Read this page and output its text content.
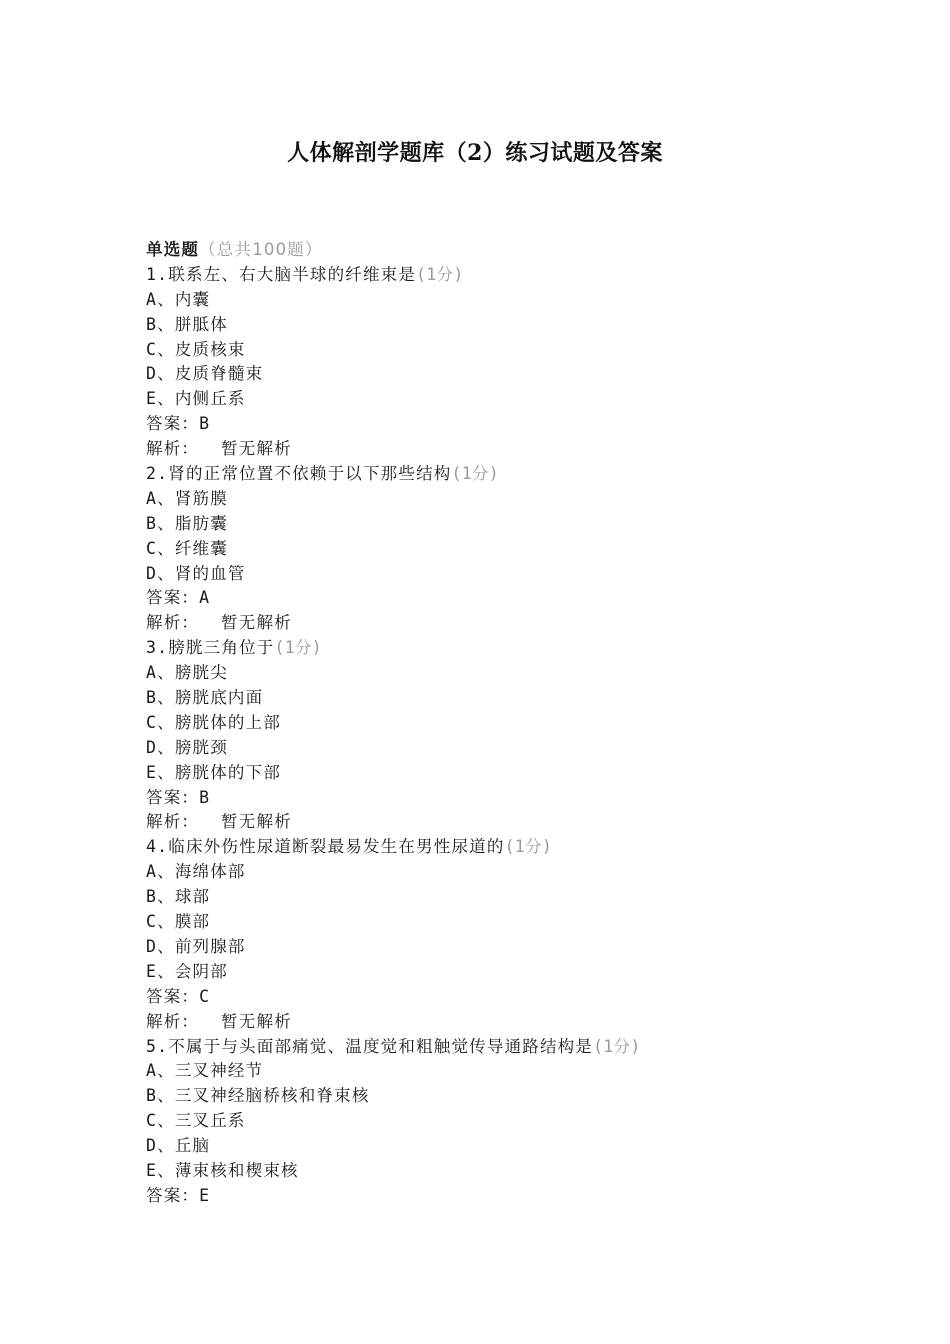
人体解剖学题库（2）练习试题及答案
单选题（总共100题）
1.联系左、右大脑半球的纤维束是(1分)
A、内囊
B、胼胝体
C、皮质核束
D、皮质脊髓束
E、内侧丘系
答案：B
解析： 暂无解析
2.肾的正常位置不依赖于以下那些结构(1分)
A、肾筋膜
B、脂肪囊
C、纤维囊
D、肾的血管
答案：A
解析： 暂无解析
3.膀胱三角位于(1分)
A、膀胱尖
B、膀胱底内面
C、膀胱体的上部
D、膀胱颈
E、膀胱体的下部
答案：B
解析： 暂无解析
4.临床外伤性尿道断裂最易发生在男性尿道的(1分)
A、海绵体部
B、球部
C、膜部
D、前列腺部
E、会阴部
答案：C
解析： 暂无解析
5.不属于与头面部痛觉、温度觉和粗触觉传导通路结构是(1分)
A、三叉神经节
B、三叉神经脑桥核和脊束核
C、三叉丘系
D、丘脑
E、薄束核和楔束核
答案：E
